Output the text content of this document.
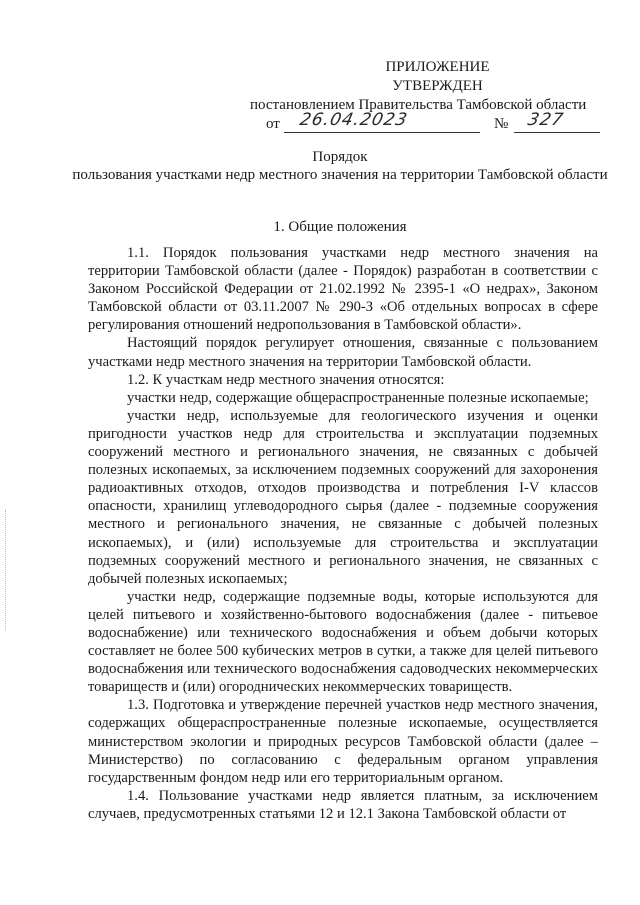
ПРИЛОЖЕНИЕ
УТВЕРЖДЕН
постановлением Правительства Тамбовской области
от 26.04.2023	№ 327
Порядок
пользования участками недр местного значения на территории Тамбовской области
1. Общие положения

1.1. Порядок пользования участками недр местного значения на территории Тамбовской области (далее - Порядок) разработан в соответствии с Законом Российской Федерации от 21.02.1992 № 2395-1 «О недрах», Законом Тамбовской области от 03.11.2007 № 290-З «Об отдельных вопросах в сфере регулирования отношений недропользования в Тамбовской области».

Настоящий порядок регулирует отношения, связанные с пользованием участками недр местного значения на территории Тамбовской области.

1.2. К участкам недр местного значения относятся:

участки недр, содержащие общераспространенные полезные ископаемые;

участки недр, используемые для геологического изучения и оценки пригодности участков недр для строительства и эксплуатации подземных сооружений местного и регионального значения, не связанных с добычей полезных ископаемых, за исключением подземных сооружений для захоронения радиоактивных отходов, отходов производства и потребления I-V классов опасности, хранилищ углеводородного сырья (далее - подземные сооружения местного и регионального значения, не связанные с добычей полезных ископаемых), и (или) используемые для строительства и эксплуатации подземных сооружений местного и регионального значения, не связанных с добычей полезных ископаемых;

участки недр, содержащие подземные воды, которые используются для целей питьевого и хозяйственно-бытового водоснабжения (далее - питьевое водоснабжение) или технического водоснабжения и объем добычи которых составляет не более 500 кубических метров в сутки, а также для целей питьевого водоснабжения или технического водоснабжения садоводческих некоммерческих товариществ и (или) огороднических некоммерческих товариществ.

1.3. Подготовка и утверждение перечней участков недр местного значения, содержащих общераспространенные полезные ископаемые, осуществляется министерством экологии и природных ресурсов Тамбовской области (далее – Министерство) по согласованию с федеральным органом управления государственным фондом недр или его территориальным органом.

1.4. Пользование участками недр является платным, за исключением случаев, предусмотренных статьями 12 и 12.1 Закона Тамбовской области от
